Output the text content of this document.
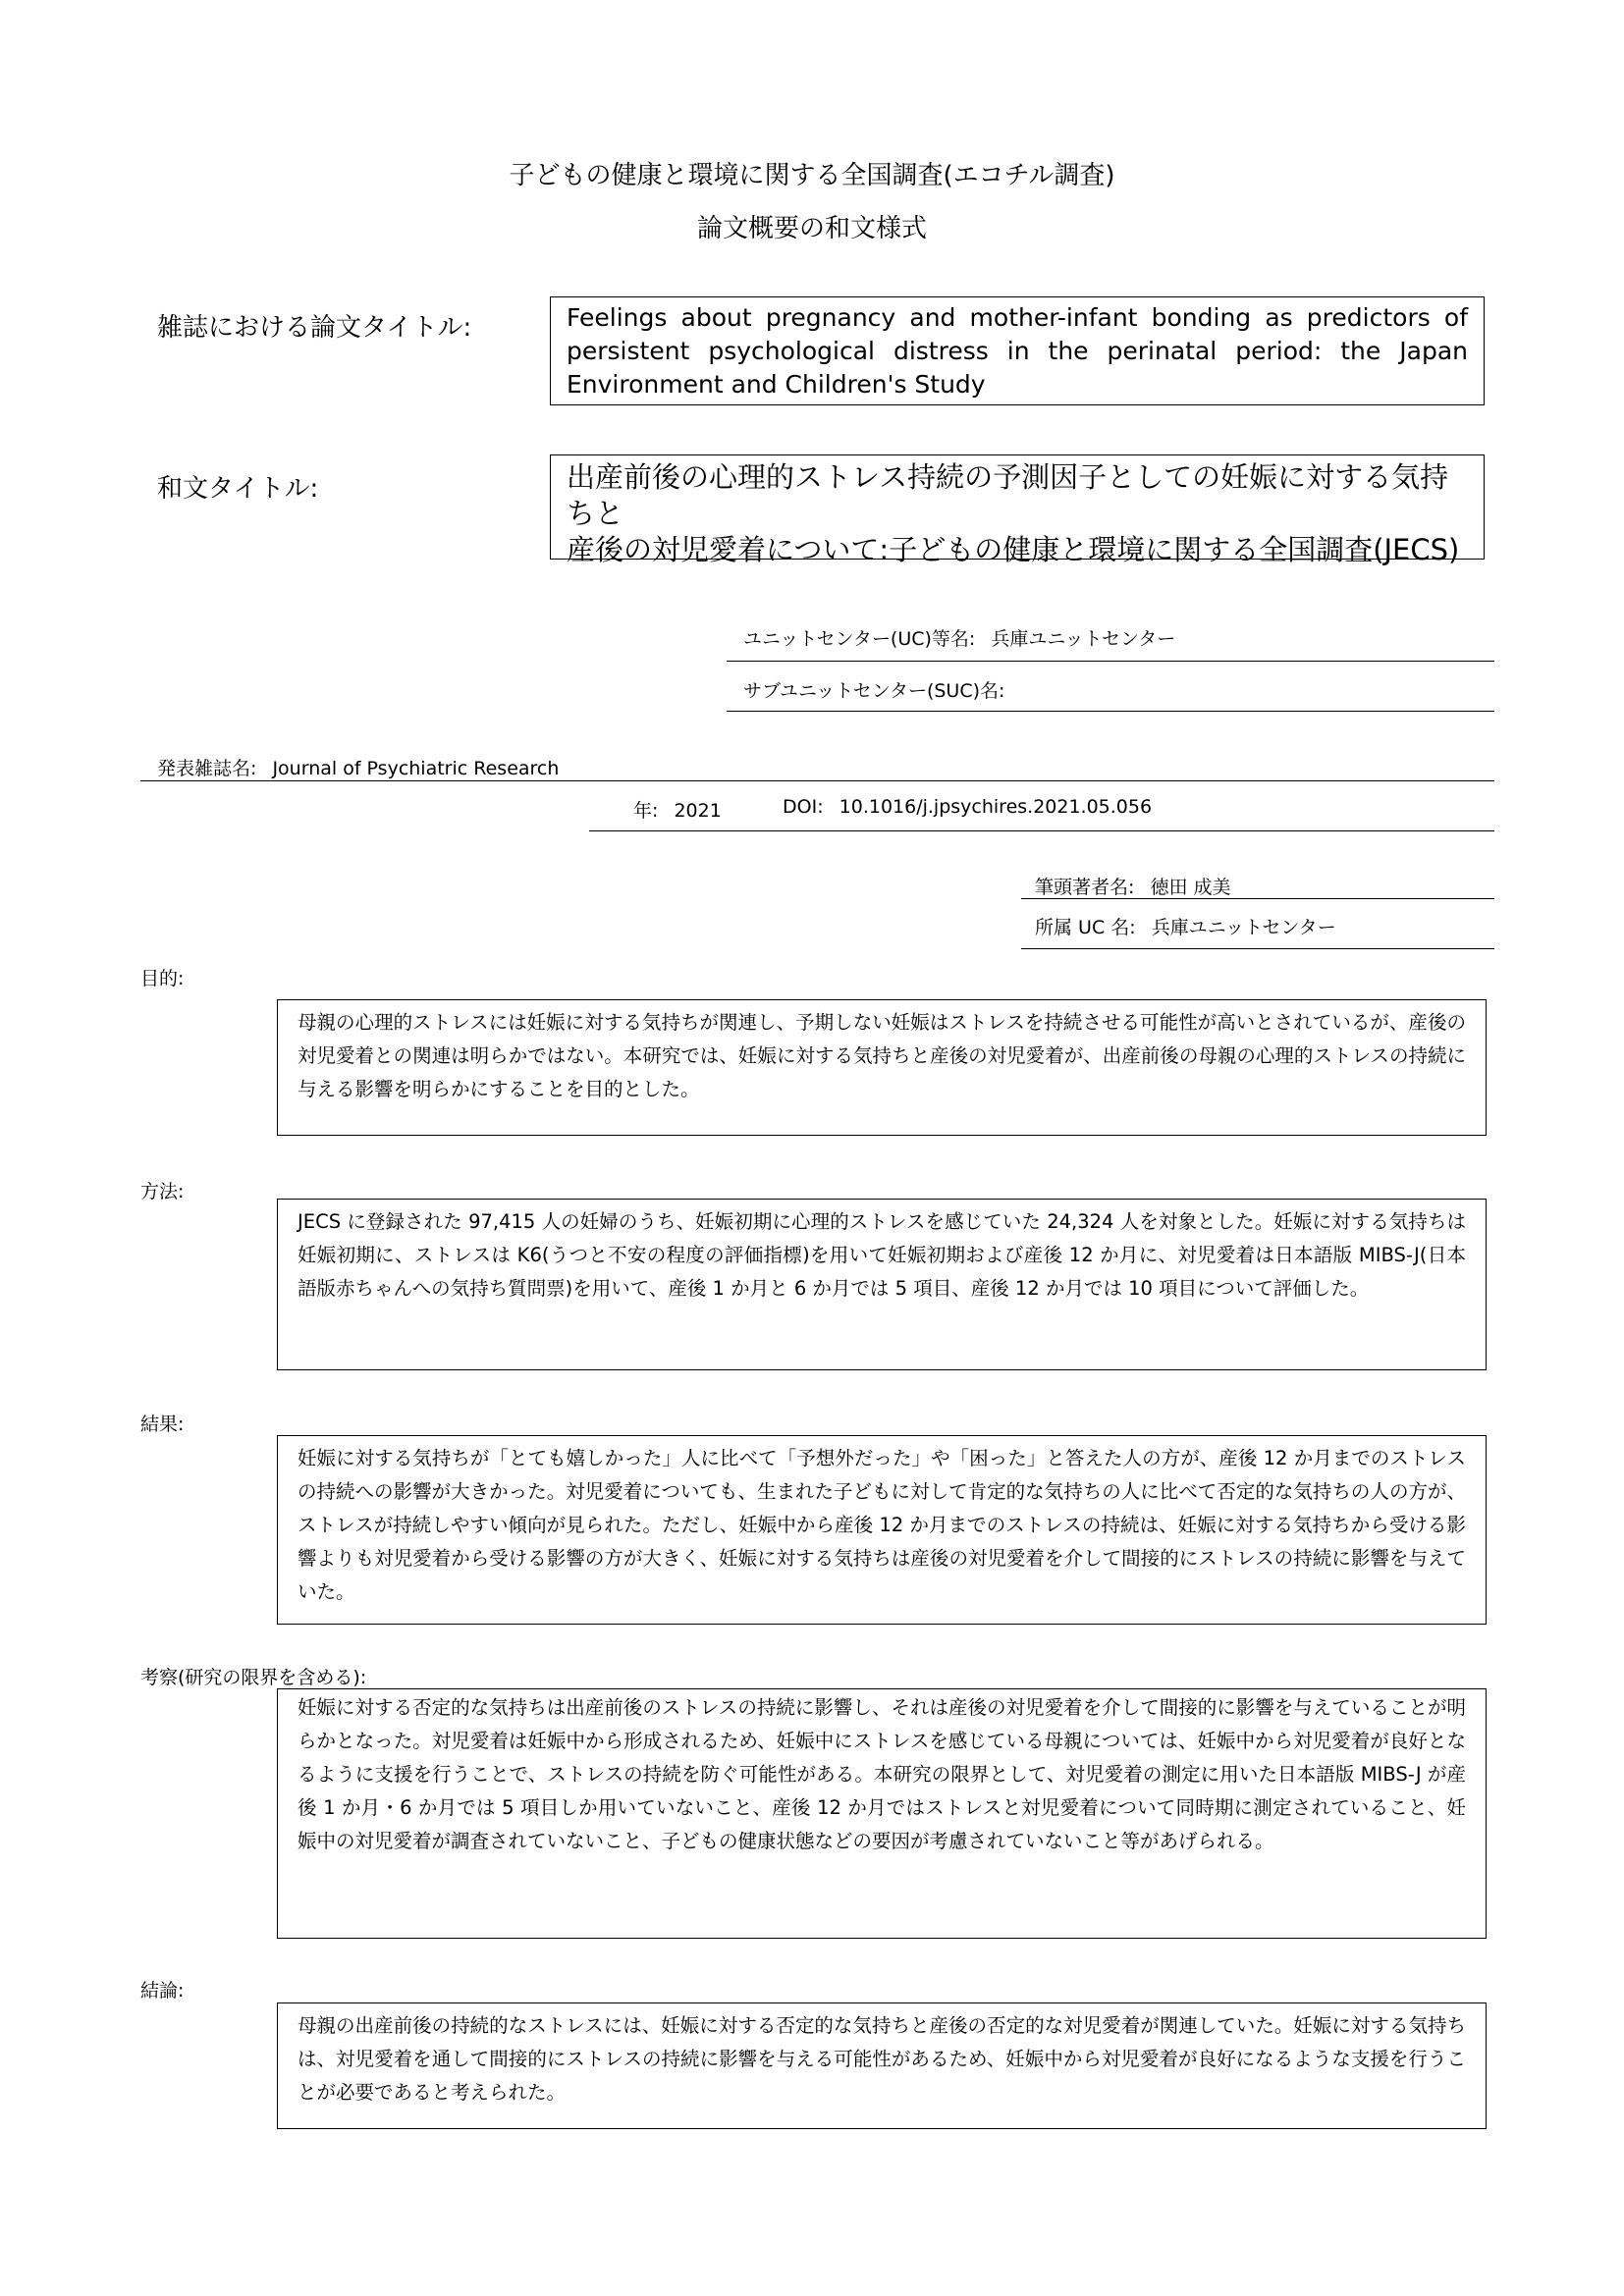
子どもの健康と環境に関する全国調査(エコチル調査)
論文概要の和文様式
雑誌における論文タイトル:	Feelings about pregnancy and mother-infant bonding as predictors of persistent psychological distress in the perinatal period: the Japan Environment and Children's Study
和文タイトル:	出産前後の心理的ストレス持続の予測因子としての妊娠に対する気持ちと
産後の対児愛着について:子どもの健康と環境に関する全国調査(JECS)
ユニットセンター(UC)等名: 兵庫ユニットセンター
サブユニットセンター(SUC)名:
発表雑誌名: Journal of Psychiatric Research
年: 2021	DOI: 10.1016/j.jpsychires.2021.05.056
筆頭著者名: 徳田 成美
所属 UC 名: 兵庫ユニットセンター
目的:
母親の心理的ストレスには妊娠に対する気持ちが関連し、予期しない妊娠はストレスを持続させる可能性が高いとされているが、産後の対児愛着との関連は明らかではない。本研究では、妊娠に対する気持ちと産後の対児愛着が、出産前後の母親の心理的ストレスの持続に与える影響を明らかにすることを目的とした。
方法:
JECS に登録された 97,415 人の妊婦のうち、妊娠初期に心理的ストレスを感じていた 24,324 人を対象とした。妊娠に対する気持ちは妊娠初期に、ストレスは K6(うつと不安の程度の評価指標)を用いて妊娠初期および産後 12 か月に、対児愛着は日本語版 MIBS-J(日本語版赤ちゃんへの気持ち質問票)を用いて、産後 1 か月と 6 か月では 5 項目、産後 12 か月では 10 項目について評価した。
結果:
妊娠に対する気持ちが「とても嬉しかった」人に比べて「予想外だった」や「困った」と答えた人の方が、産後 12 か月までのストレスの持続への影響が大きかった。対児愛着についても、生まれた子どもに対して肯定的な気持ちの人に比べて否定的な気持ちの人の方が、ストレスが持続しやすい傾向が見られた。ただし、妊娠中から産後 12 か月までのストレスの持続は、妊娠に対する気持ちから受ける影響よりも対児愛着から受ける影響の方が大きく、妊娠に対する気持ちは産後の対児愛着を介して間接的にストレスの持続に影響を与えていた。
考察(研究の限界を含める):
妊娠に対する否定的な気持ちは出産前後のストレスの持続に影響し、それは産後の対児愛着を介して間接的に影響を与えていることが明らかとなった。対児愛着は妊娠中から形成されるため、妊娠中にストレスを感じている母親については、妊娠中から対児愛着が良好となるように支援を行うことで、ストレスの持続を防ぐ可能性がある。本研究の限界として、対児愛着の測定に用いた日本語版 MIBS-J が産後 1 か月・6 か月では 5 項目しか用いていないこと、産後 12 か月ではストレスと対児愛着について同時期に測定されていること、妊娠中の対児愛着が調査されていないこと、子どもの健康状態などの要因が考慮されていないこと等があげられる。
結論:
母親の出産前後の持続的なストレスには、妊娠に対する否定的な気持ちと産後の否定的な対児愛着が関連していた。妊娠に対する気持ちは、対児愛着を通して間接的にストレスの持続に影響を与える可能性があるため、妊娠中から対児愛着が良好になるような支援を行うことが必要であると考えられた。
